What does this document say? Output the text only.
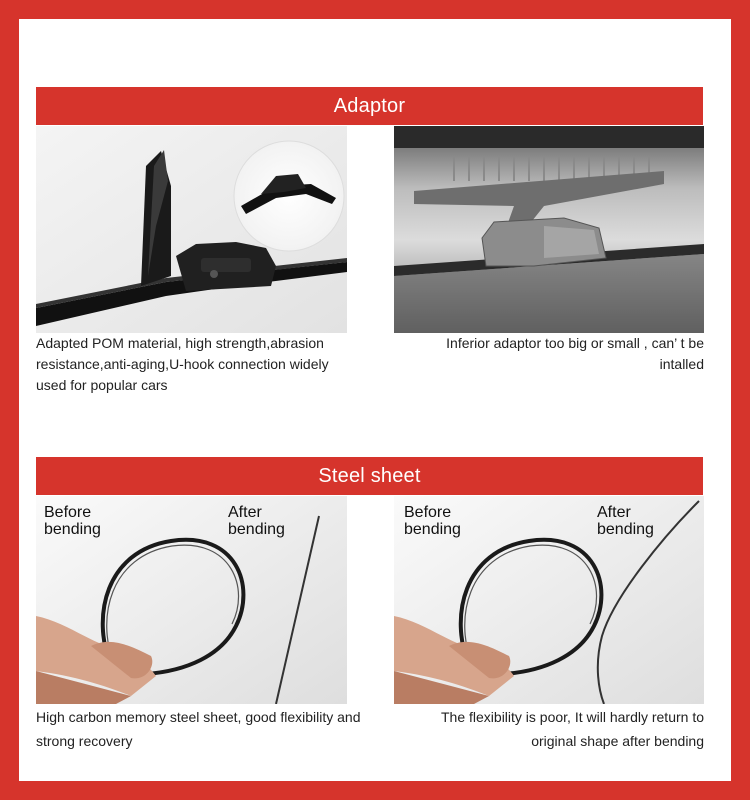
Adaptor
Adapted POM material, high strength,abrasion resistance,anti-aging,U-hook connection widely used for popular cars
Inferior adaptor too big or small , can’ t be intalled
Steel sheet
Before
bending
After
bending
Before
bending
After
bending
High carbon memory steel sheet, good flexibility and strong recovery
The flexibility is poor, It will hardly return to original shape after bending
